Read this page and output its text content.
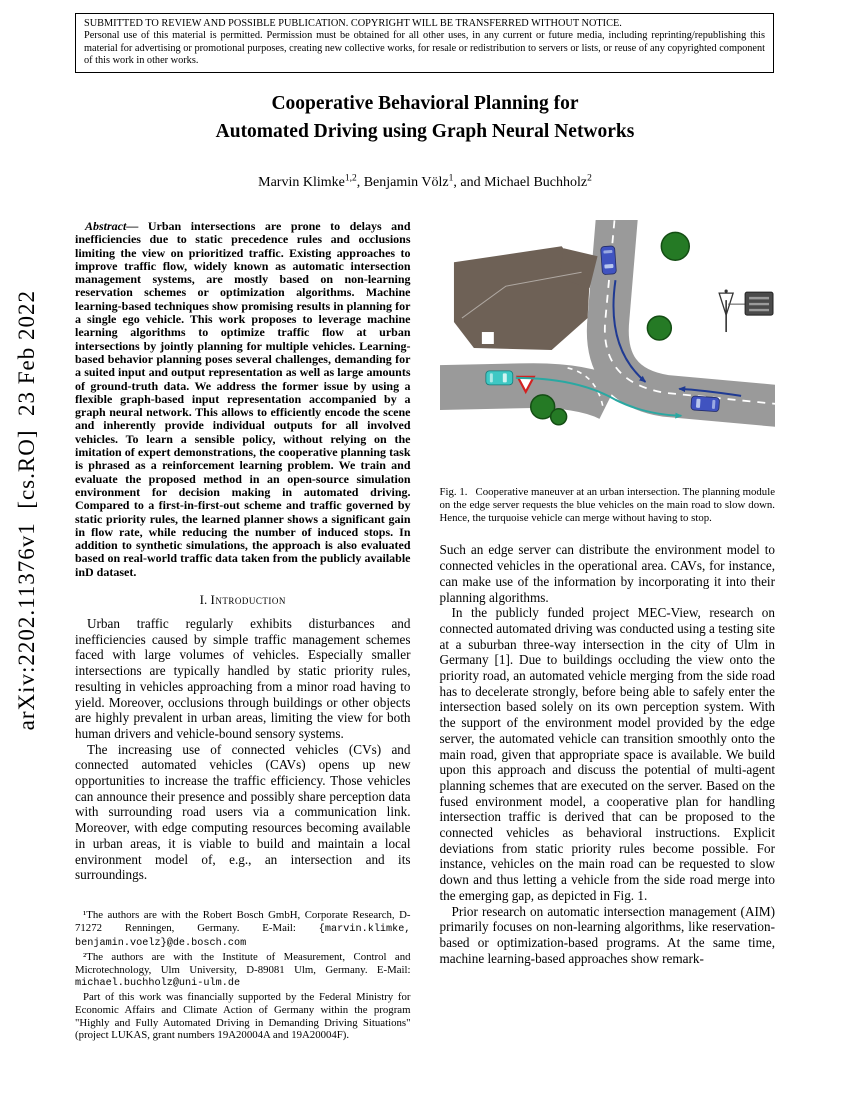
arXiv:2202.11376v1  [cs.RO]  23 Feb 2022
SUBMITTED TO REVIEW AND POSSIBLE PUBLICATION. COPYRIGHT WILL BE TRANSFERRED WITHOUT NOTICE.
Personal use of this material is permitted. Permission must be obtained for all other uses, in any current or future media, including reprinting/republishing this material for advertising or promotional purposes, creating new collective works, for resale or redistribution to servers or lists, or reuse of any copyrighted component of this work in other works.
Cooperative Behavioral Planning for
Automated Driving using Graph Neural Networks
Marvin Klimke$^{1,2}$, Benjamin Völz$^1$, and Michael Buchholz$^2$

Abstract— Urban intersections are prone to delays and inefficiencies due to static precedence rules and occlusions limiting the view on prioritized traffic. Existing approaches to improve traffic flow, widely known as automatic intersection management systems, are mostly based on non-learning reservation schemes or optimization algorithms. Machine learning-based techniques show promising results in planning for a single ego vehicle. This work proposes to leverage machine learning algorithms to optimize traffic flow at urban intersections by jointly planning for multiple vehicles. Learning-based behavior planning poses several challenges, demanding for a suited input and output representation as well as large amounts of ground-truth data. We address the former issue by using a flexible graph-based input representation accompanied by a graph neural network. This allows to efficiently encode the scene and inherently provide individual outputs for all involved vehicles. To learn a sensible policy, without relying on the imitation of expert demonstrations, the cooperative planning task is phrased as a reinforcement learning problem. We train and evaluate the proposed method in an open-source simulation environment for decision making in automated driving. Compared to a first-in-first-out scheme and traffic governed by static priority rules, the learned planner shows a significant gain in flow rate, while reducing the number of induced stops. In addition to synthetic simulations, the approach is also evaluated based on real-world traffic data taken from the publicly available inD dataset.

I. Introduction

Urban traffic regularly exhibits disturbances and inefficiencies caused by simple traffic management schemes faced with large volumes of vehicles. Especially smaller intersections are typically handled by static priority rules, resulting in vehicles approaching from a minor road having to yield. Moreover, occlusions through buildings or other objects are highly prevalent in urban areas, limiting the view for both human drivers and vehicle-bound sensory systems.

The increasing use of connected vehicles (CVs) and connected automated vehicles (CAVs) opens up new opportunities to increase the traffic efficiency. Those vehicles can announce their presence and possibly share perception data with surrounding road users via a communication link. Moreover, with edge computing resources becoming available in urban areas, it is viable to build and maintain a local environment model of, e.g., an intersection and its surroundings.

¹The authors are with the Robert Bosch GmbH, Corporate Research, D-71272 Renningen, Germany. E-Mail: {marvin.klimke, benjamin.voelz}@de.bosch.com

²The authors are with the Institute of Measurement, Control and Microtechnology, Ulm University, D-89081 Ulm, Germany. E-Mail: michael.buchholz@uni-ulm.de

Part of this work was financially supported by the Federal Ministry for Economic Affairs and Climate Action of Germany within the program "Highly and Fully Automated Driving in Demanding Driving Situations" (project LUKAS, grant numbers 19A20004A and 19A20004F).

Fig. 1.   Cooperative maneuver at an urban intersection. The planning module on the edge server requests the blue vehicles on the main road to slow down. Hence, the turquoise vehicle can merge without having to stop.

Such an edge server can distribute the environment model to connected vehicles in the operational area. CAVs, for instance, can make use of the information by incorporating it into their planning algorithms.

In the publicly funded project MEC-View, research on connected automated driving was conducted using a testing site at a suburban three-way intersection in the city of Ulm in Germany [1]. Due to buildings occluding the view onto the priority road, an automated vehicle merging from the side road has to decelerate strongly, before being able to safely enter the intersection based solely on its own perception system. With the support of the environment model provided by the edge server, the automated vehicle can transition smoothly onto the main road, given that appropriate space is available. We build upon this approach and discuss the potential of multi-agent planning schemes that are executed on the server. Based on the fused environment model, a cooperative plan for handling intersection traffic is derived that can be proposed to the connected vehicles as behavioral instructions. Explicit deviations from static priority rules become possible. For instance, vehicles on the main road can be requested to slow down and thus letting a vehicle from the side road merge into the emerging gap, as depicted in Fig. 1.

Prior research on automatic intersection management (AIM) primarily focuses on non-learning algorithms, like reservation-based or optimization-based programs. At the same time, machine learning-based approaches show remark-
